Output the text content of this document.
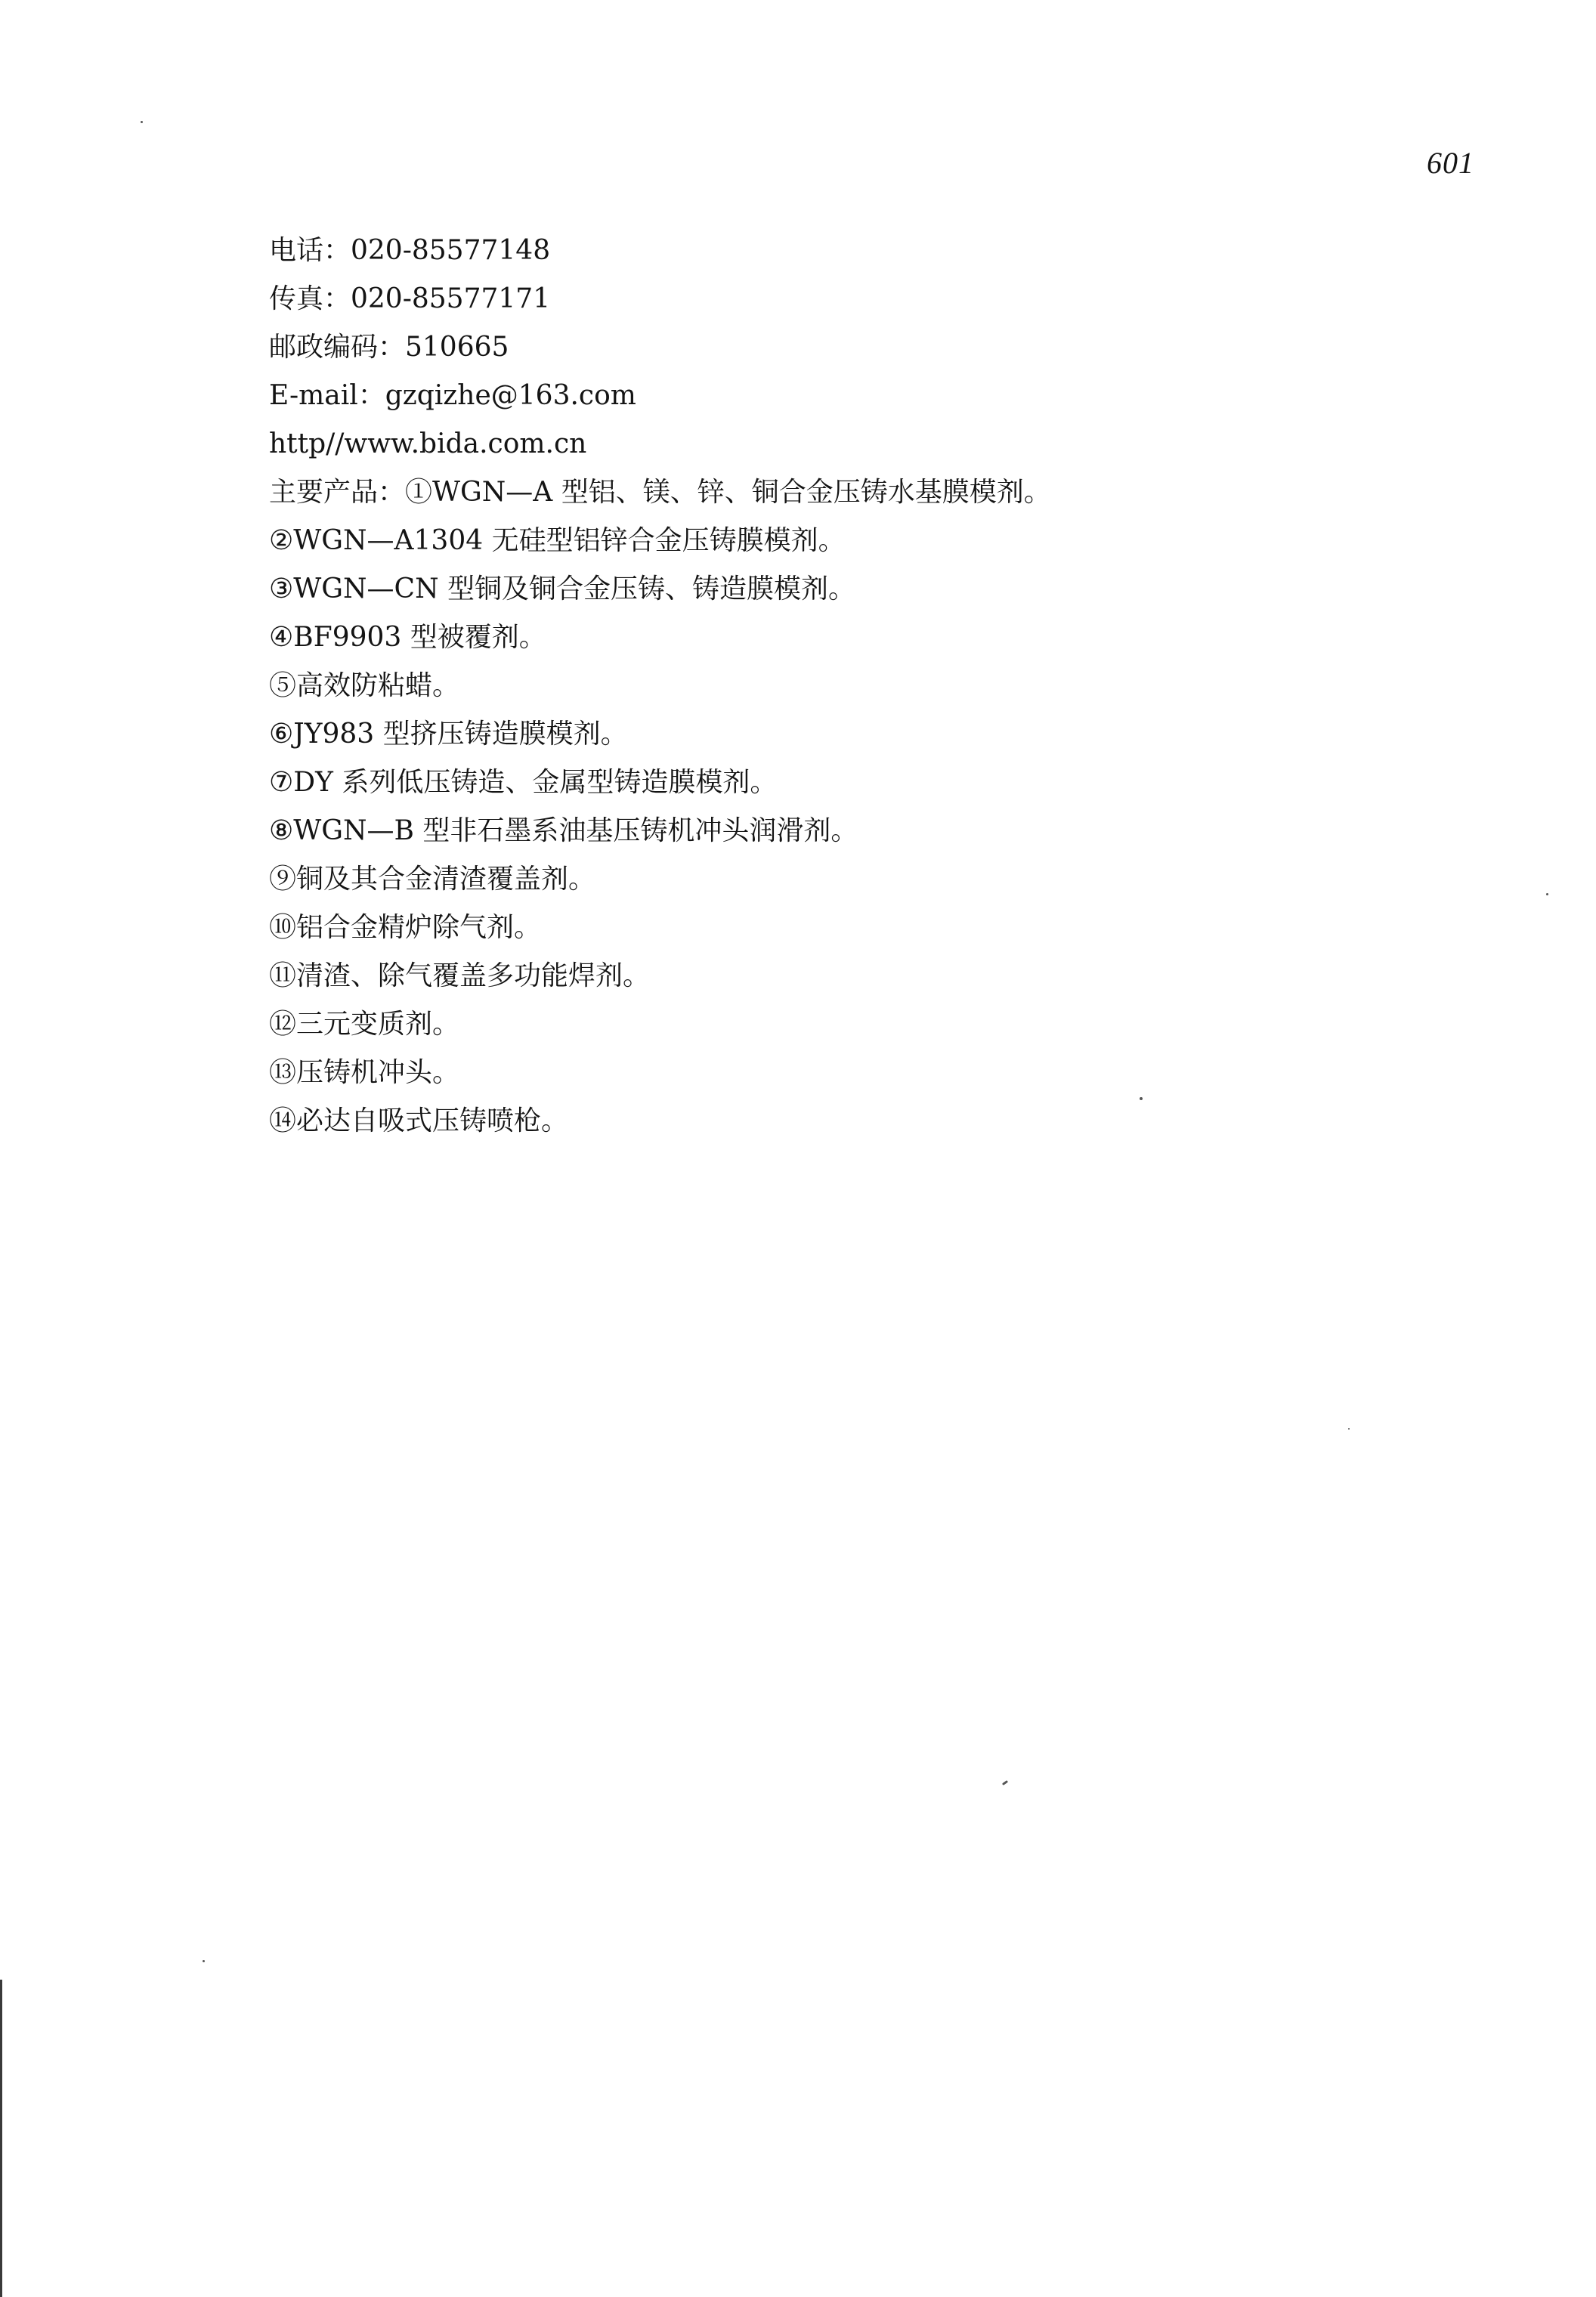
601
电话：020-85577148
传真：020-85577171
邮政编码：510665
E-mail：gzqizhe@163.com
http//www.bida.com.cn
主要产品：①WGN—A 型铝、镁、锌、铜合金压铸水基膜模剂。
②WGN—A1304 无硅型铝锌合金压铸膜模剂。
③WGN—CN 型铜及铜合金压铸、铸造膜模剂。
④BF9903 型被覆剂。
⑤高效防粘蜡。
⑥JY983 型挤压铸造膜模剂。
⑦DY 系列低压铸造、金属型铸造膜模剂。
⑧WGN—B 型非石墨系油基压铸机冲头润滑剂。
⑨铜及其合金清渣覆盖剂。
⑩铝合金精炉除气剂。
⑪清渣、除气覆盖多功能焊剂。
⑫三元变质剂。
⑬压铸机冲头。
⑭必达自吸式压铸喷枪。
